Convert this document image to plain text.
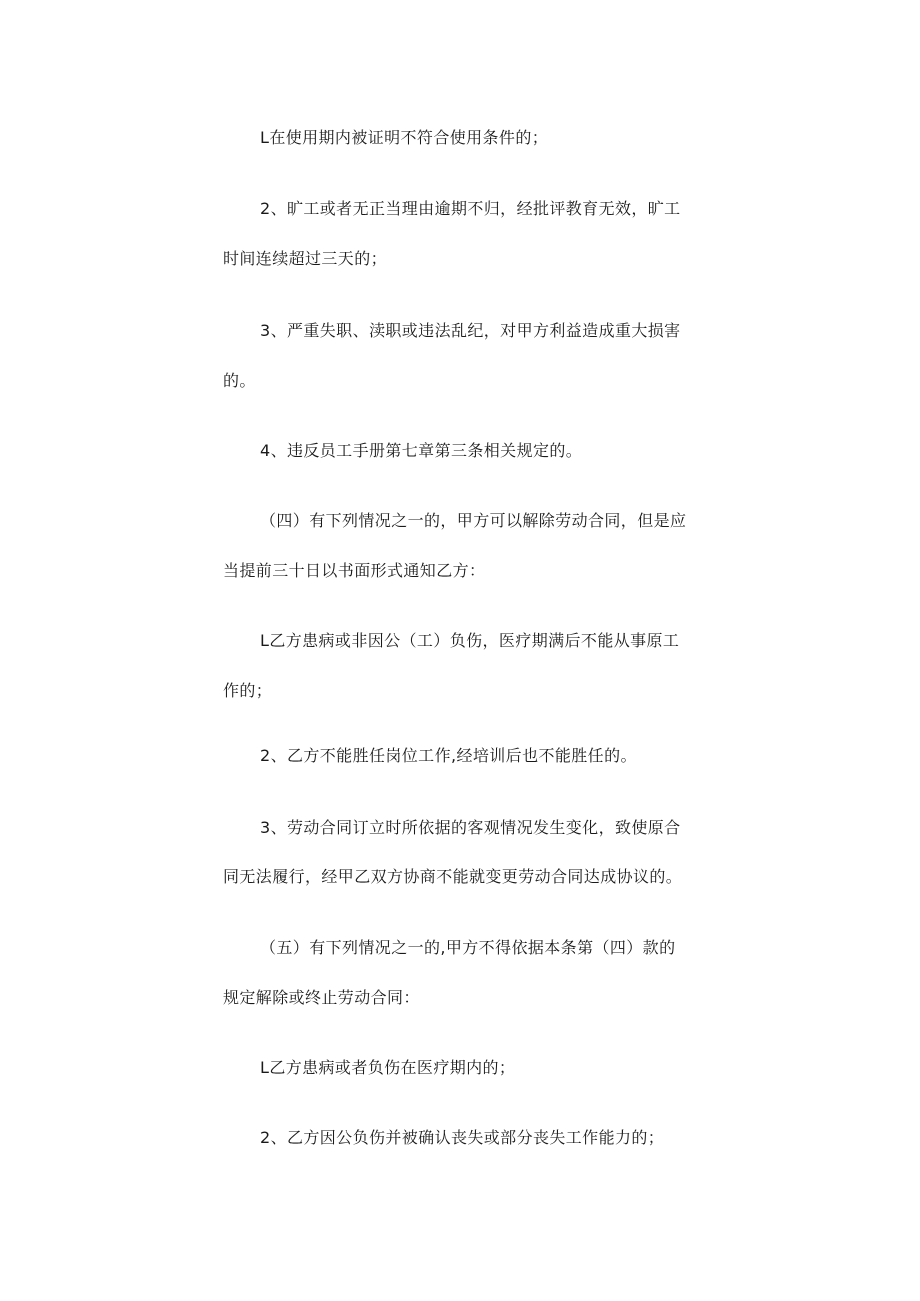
L在使用期内被证明不符合使用条件的；
2、旷工或者无正当理由逾期不归，经批评教育无效，旷工
时间连续超过三天的；
3、严重失职、渎职或违法乱纪，对甲方利益造成重大损害
的。
4、违反员工手册第七章第三条相关规定的。
（四）有下列情况之一的，甲方可以解除劳动合同，但是应
当提前三十日以书面形式通知乙方：
L乙方患病或非因公（工）负伤，医疗期满后不能从事原工
作的；
2、乙方不能胜任岗位工作,经培训后也不能胜任的。
3、劳动合同订立时所依据的客观情况发生变化，致使原合
同无法履行，经甲乙双方协商不能就变更劳动合同达成协议的。
（五）有下列情况之一的,甲方不得依据本条第（四）款的
规定解除或终止劳动合同：
L乙方患病或者负伤在医疗期内的；
2、乙方因公负伤并被确认丧失或部分丧失工作能力的；
